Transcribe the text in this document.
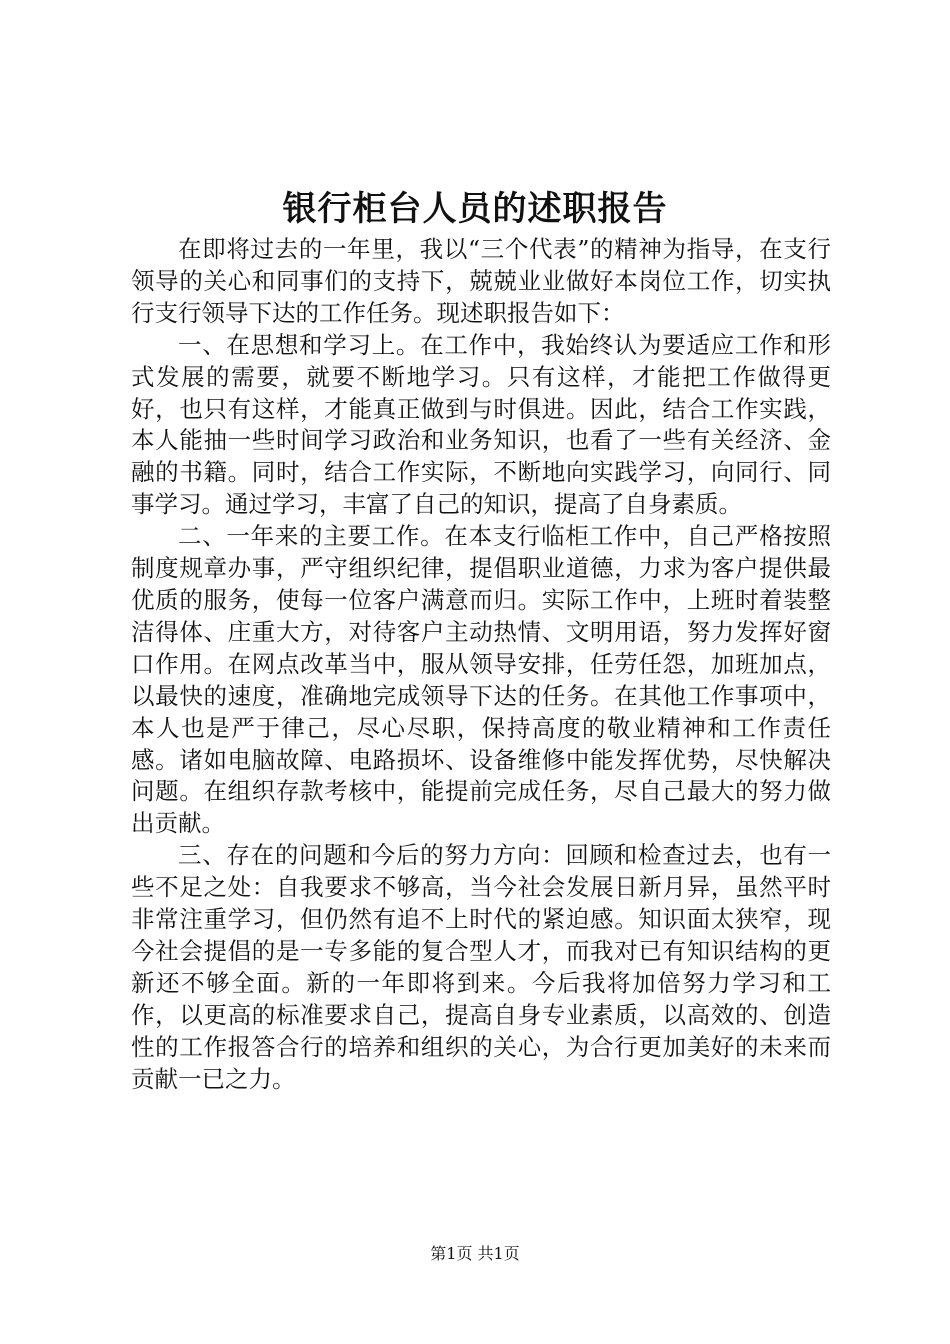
银行柜台人员的述职报告

在即将过去的一年里，我以“三个代表”的精神为指导，在支行领导的关心和同事们的支持下，兢兢业业做好本岗位工作，切实执行支行领导下达的工作任务。现述职报告如下：

一、在思想和学习上。在工作中，我始终认为要适应工作和形式发展的需要，就要不断地学习。只有这样，才能把工作做得更好，也只有这样，才能真正做到与时俱进。因此，结合工作实践，本人能抽一些时间学习政治和业务知识，也看了一些有关经济、金融的书籍。同时，结合工作实际，不断地向实践学习，向同行、同事学习。通过学习，丰富了自己的知识，提高了自身素质。

二、一年来的主要工作。在本支行临柜工作中，自己严格按照制度规章办事，严守组织纪律，提倡职业道德，力求为客户提供最优质的服务，使每一位客户满意而归。实际工作中，上班时着装整洁得体、庄重大方，对待客户主动热情、文明用语，努力发挥好窗口作用。在网点改革当中，服从领导安排，任劳任怨，加班加点，以最快的速度，准确地完成领导下达的任务。在其他工作事项中，本人也是严于律己，尽心尽职，保持高度的敬业精神和工作责任感。诸如电脑故障、电路损坏、设备维修中能发挥优势，尽快解决问题。在组织存款考核中，能提前完成任务，尽自己最大的努力做出贡献。

三、存在的问题和今后的努力方向：回顾和检查过去，也有一些不足之处：自我要求不够高，当今社会发展日新月异，虽然平时非常注重学习，但仍然有追不上时代的紧迫感。知识面太狭窄，现今社会提倡的是一专多能的复合型人才，而我对已有知识结构的更新还不够全面。新的一年即将到来。今后我将加倍努力学习和工作，以更高的标准要求自己，提高自身专业素质，以高效的、创造性的工作报答合行的培养和组织的关心，为合行更加美好的未来而贡献一已之力。

第1页 共1页
